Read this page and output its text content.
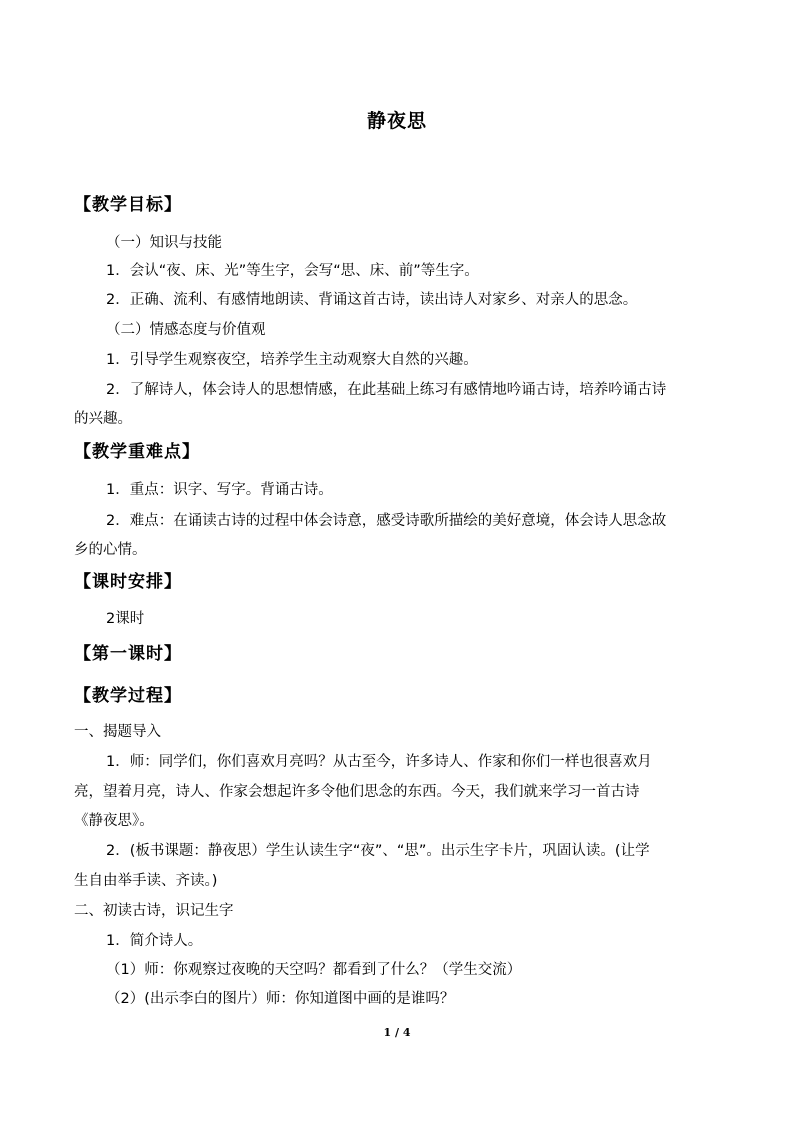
静夜思
【教学目标】
（一）知识与技能
1．会认“夜、床、光”等生字，会写“思、床、前”等生字。
2．正确、流利、有感情地朗读、背诵这首古诗，读出诗人对家乡、对亲人的思念。
（二）情感态度与价值观
1．引导学生观察夜空，培养学生主动观察大自然的兴趣。
2．了解诗人，体会诗人的思想情感，在此基础上练习有感情地吟诵古诗，培养吟诵古诗
的兴趣。
【教学重难点】
1．重点：识字、写字。背诵古诗。
2．难点：在诵读古诗的过程中体会诗意，感受诗歌所描绘的美好意境，体会诗人思念故
乡的心情。
【课时安排】
2课时
【第一课时】
【教学过程】
一、揭题导入
1．师：同学们，你们喜欢月亮吗？从古至今，许多诗人、作家和你们一样也很喜欢月
亮，望着月亮，诗人、作家会想起许多令他们思念的东西。今天，我们就来学习一首古诗
《静夜思》。
2．(板书课题：静夜思）学生认读生字“夜”、“思”。出示生字卡片，巩固认读。(让学
生自由举手读、齐读。)
二、初读古诗，识记生字
1．简介诗人。
（1）师：你观察过夜晚的天空吗？都看到了什么？（学生交流）
（2）(出示李白的图片）师：你知道图中画的是谁吗？
1 / 4
